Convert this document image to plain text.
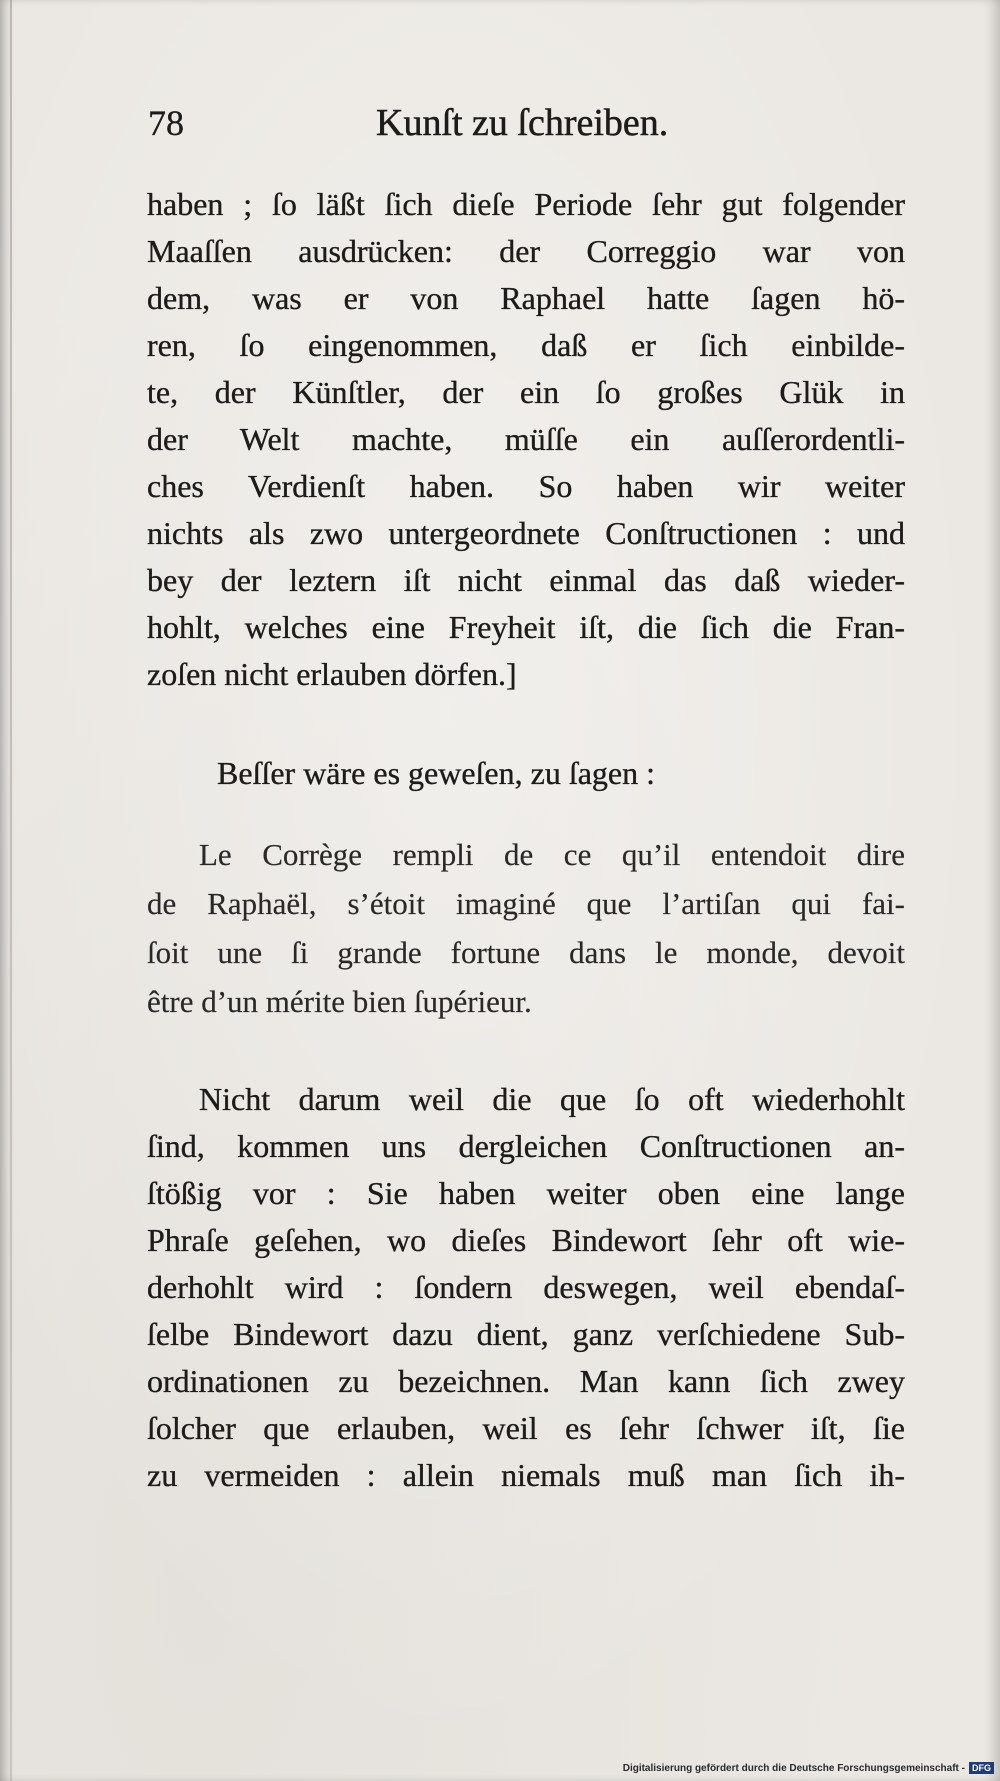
78	Kunſt zu ſchreiben.
haben ; ſo läßt ſich dieſe Periode ſehr gut folgender
Maaſſen ausdrücken: der Correggio war von
dem, was er von Raphael hatte ſagen hö-
ren, ſo eingenommen, daß er ſich einbilde-
te, der Künſtler, der ein ſo großes Glük in
der Welt machte, müſſe ein auſſerordentli-
ches Verdienſt haben. So haben wir weiter
nichts als zwo untergeordnete Conſtructionen : und
bey der leztern iſt nicht einmal das daß wieder-
hohlt, welches eine Freyheit iſt, die ſich die Fran-
zoſen nicht erlauben dörfen.]
Beſſer wäre es geweſen, zu ſagen :
Le Corrège rempli de ce qu’il entendoit dire
de Raphaël, s’étoit imaginé que l’artiſan qui fai-
ſoit une ſi grande fortune dans le monde, devoit
être d’un mérite bien ſupérieur.
Nicht darum weil die que ſo oft wiederhohlt
ſind, kommen uns dergleichen Conſtructionen an-
ſtößig vor : Sie haben weiter oben eine lange
Phraſe geſehen, wo dieſes Bindewort ſehr oft wie-
derhohlt wird : ſondern deswegen, weil ebendaſ-
ſelbe Bindewort dazu dient, ganz verſchiedene Sub-
ordinationen zu bezeichnen. Man kann ſich zwey
ſolcher que erlauben, weil es ſehr ſchwer iſt, ſie
zu vermeiden : allein niemals muß man ſich ih-
Digitalisierung gefördert durch die Deutsche Forschungsgemeinschaft - DFG
